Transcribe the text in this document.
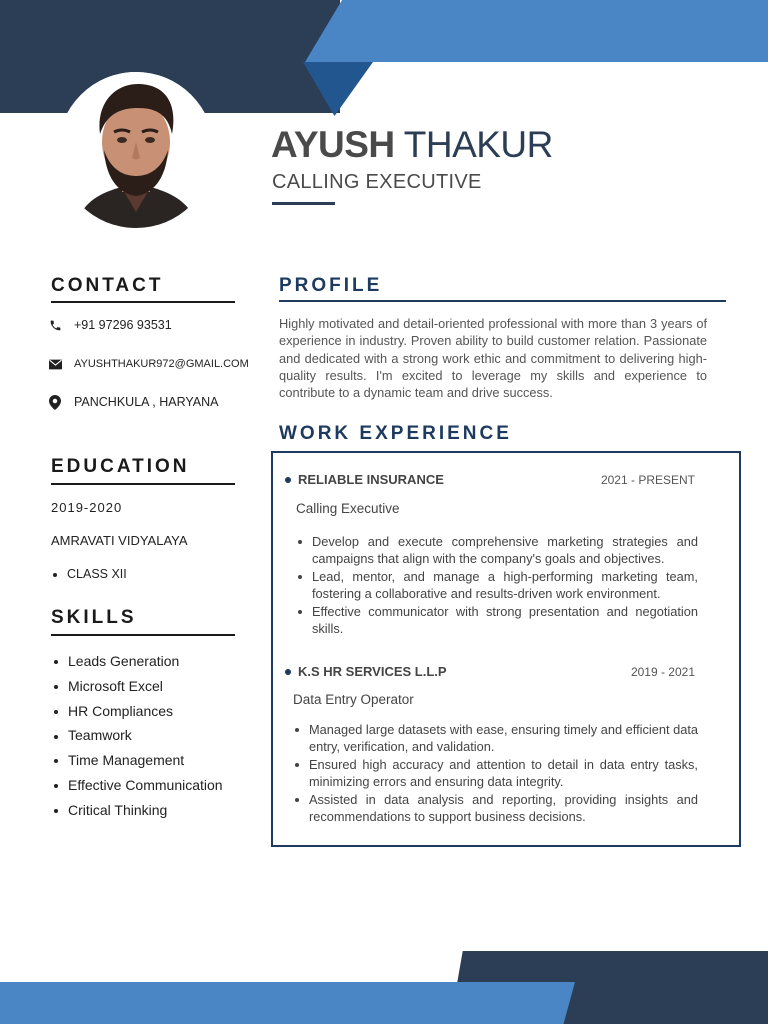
AYUSH THAKUR
CALLING EXECUTIVE
CONTACT
+91 97296 93531
AYUSHTHAKUR972@GMAIL.COM
PANCHKULA , HARYANA
EDUCATION
2019-2020
AMRAVATI VIDYALAYA
CLASS XII
SKILLS
Leads Generation
Microsoft Excel
HR Compliances
Teamwork
Time Management
Effective Communication
Critical Thinking
PROFILE
Highly motivated and detail-oriented professional with more than 3 years of experience in industry. Proven ability to build customer relation. Passionate and dedicated with a strong work ethic and commitment to delivering high-quality results. I'm excited to leverage my skills and experience to contribute to a dynamic team and drive success.
WORK EXPERIENCE
RELIABLE INSURANCE	2021 - PRESENT
Calling Executive
Develop and execute comprehensive marketing strategies and campaigns that align with the company's goals and objectives.
Lead, mentor, and manage a high-performing marketing team, fostering a collaborative and results-driven work environment.
Effective communicator with strong presentation and negotiation skills.
K.S HR SERVICES L.L.P	2019 - 2021
Data Entry Operator
Managed large datasets with ease, ensuring timely and efficient data entry, verification, and validation.
Ensured high accuracy and attention to detail in data entry tasks, minimizing errors and ensuring data integrity.
Assisted in data analysis and reporting, providing insights and recommendations to support business decisions.
